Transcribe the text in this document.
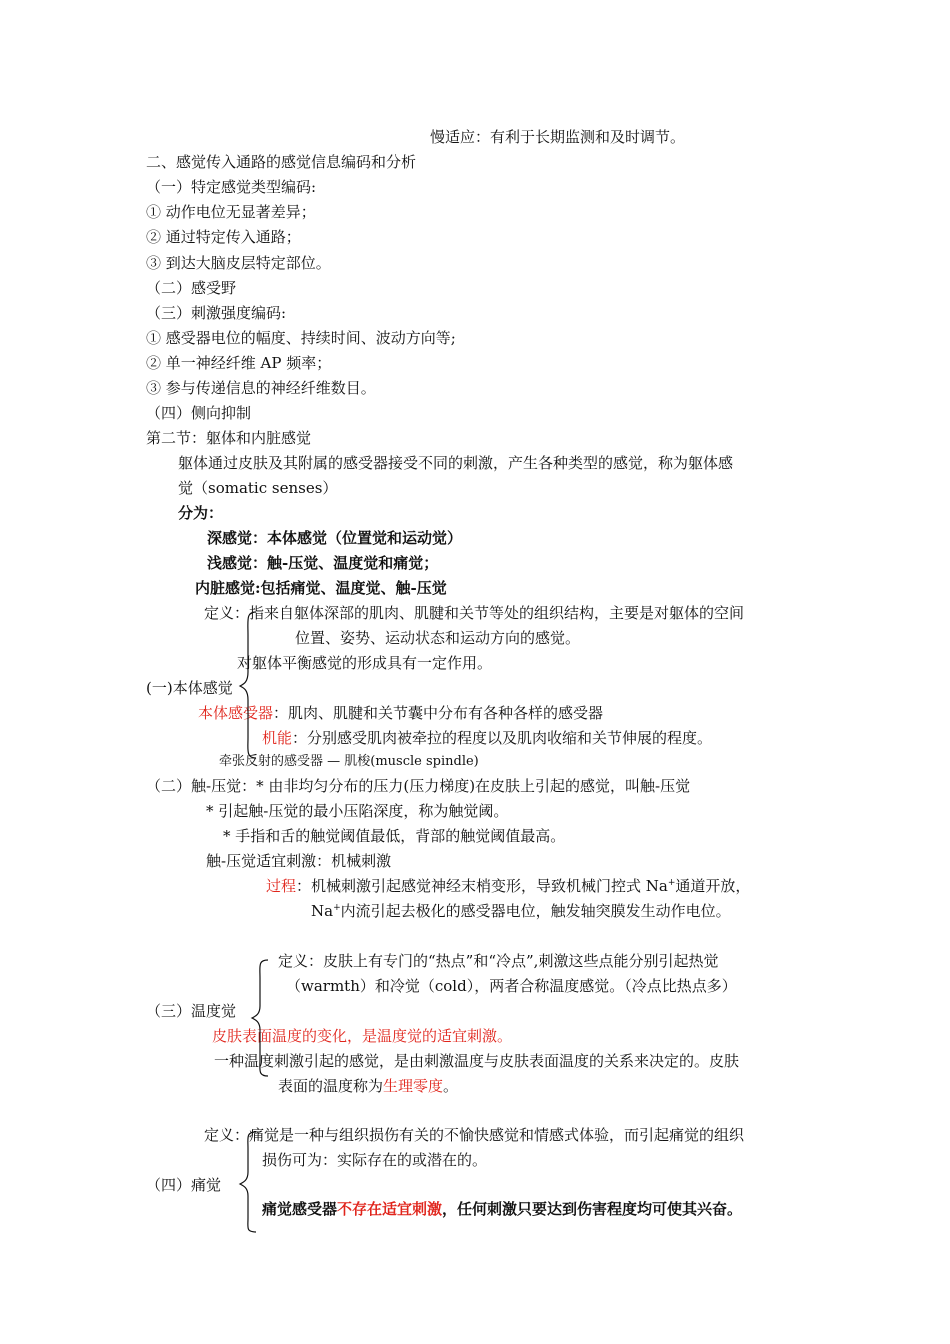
慢适应：有利于长期监测和及时调节。
二、感觉传入通路的感觉信息编码和分析
（一）特定感觉类型编码:
① 动作电位无显著差异；
② 通过特定传入通路；
③ 到达大脑皮层特定部位。
（二）感受野
（三）刺激强度编码:
① 感受器电位的幅度、持续时间、波动方向等;
② 单一神经纤维 AP 频率；
③ 参与传递信息的神经纤维数目。
（四）侧向抑制
第二节：躯体和内脏感觉
躯体通过皮肤及其附属的感受器接受不同的刺激，产生各种类型的感觉，称为躯体感
觉（somatic senses）
分为：
深感觉：本体感觉（位置觉和运动觉）
浅感觉：触-压觉、温度觉和痛觉；
内脏感觉:包括痛觉、温度觉、触-压觉
定义：指来自躯体深部的肌肉、肌腱和关节等处的组织结构，主要是对躯体的空间
位置、姿势、运动状态和运动方向的感觉。
对躯体平衡感觉的形成具有一定作用。
(一)本体感觉
本体感受器：肌肉、肌腱和关节囊中分布有各种各样的感受器
机能：分别感受肌肉被牵拉的程度以及肌肉收缩和关节伸展的程度。
牵张反射的感受器 — 肌梭(muscle spindle)
（二）触-压觉：* 由非均匀分布的压力(压力梯度)在皮肤上引起的感觉，叫触-压觉
* 引起触-压觉的最小压陷深度，称为触觉阈。
* 手指和舌的触觉阈值最低，背部的触觉阈值最高。
触-压觉适宜刺激：机械刺激
过程：机械刺激引起感觉神经末梢变形，导致机械门控式 Na+通道开放，
Na+内流引起去极化的感受器电位，触发轴突膜发生动作电位。
定义：皮肤上有专门的“热点”和“冷点”,刺激这些点能分别引起热觉
（warmth）和冷觉（cold），两者合称温度感觉。（冷点比热点多）
（三）温度觉
皮肤表面温度的变化，是温度觉的适宜刺激。
一种温度刺激引起的感觉，是由刺激温度与皮肤表面温度的关系来决定的。皮肤
表面的温度称为生理零度。
定义：痛觉是一种与组织损伤有关的不愉快感觉和情感式体验，而引起痛觉的组织
损伤可为：实际存在的或潜在的。
（四）痛觉
痛觉感受器不存在适宜刺激，任何刺激只要达到伤害程度均可使其兴奋。
